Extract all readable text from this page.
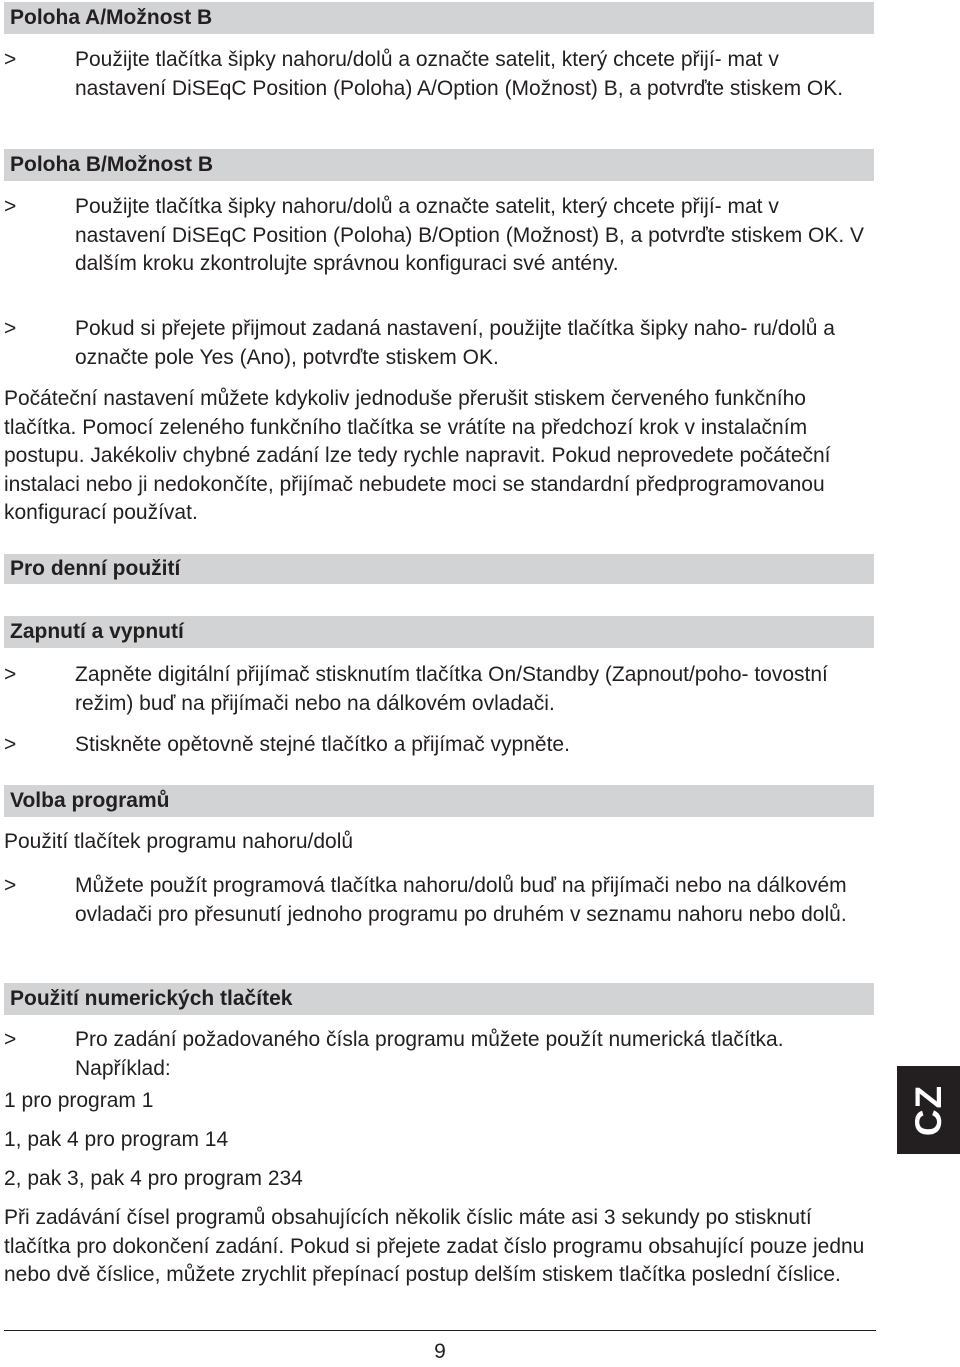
Poloha A/Možnost B
>	Použijte tlačítka šipky nahoru/dolů a označte satelit, který chcete přijí- mat v nastavení DiSEqC Position (Poloha) A/Option (Možnost) B, a potvrďte stiskem OK.
Poloha B/Možnost B
>	Použijte tlačítka šipky nahoru/dolů a označte satelit, který chcete přijí- mat v nastavení DiSEqC Position (Poloha) B/Option (Možnost) B, a potvrďte stiskem OK. V dalším kroku zkontrolujte správnou konfiguraci své antény.
>	Pokud si přejete přijmout zadaná nastavení, použijte tlačítka šipky naho- ru/dolů a označte pole Yes (Ano), potvrďte stiskem OK.
Počáteční nastavení můžete kdykoliv jednoduše přerušit stiskem červeného funkčního tlačítka. Pomocí zeleného funkčního tlačítka se vrátíte na předchozí krok v instalačním postupu. Jakékoliv chybné zadání lze tedy rychle napravit. Pokud neprovedete počáteční instalaci nebo ji nedokončíte, přijímač nebudete moci se standardní předprogramovanou konfigurací používat.
Pro denní použití
Zapnutí a vypnutí
>	Zapněte digitální přijímač stisknutím tlačítka On/Standby (Zapnout/poho- tovostní režim) buď na přijímači nebo na dálkovém ovladači.
>	Stiskněte opětovně stejné tlačítko a přijímač vypněte.
Volba programů
Použití tlačítek programu nahoru/dolů
>	Můžete použít programová tlačítka nahoru/dolů buď na přijímači nebo na dálkovém ovladači pro přesunutí jednoho programu po druhém v seznamu nahoru nebo dolů.
Použití numerických tlačítek
>	Pro zadání požadovaného čísla programu můžete použít numerická tlačítka. Například:
1 pro program 1
1, pak 4 pro program 14
2, pak 3, pak 4 pro program 234
Při zadávání čísel programů obsahujících několik číslic máte asi 3 sekundy po stisknutí tlačítka pro dokončení zadání. Pokud si přejete zadat číslo programu obsahující pouze jednu nebo dvě číslice, můžete zrychlit přepínací postup delším stiskem tlačítka poslední číslice.
CZ
9
